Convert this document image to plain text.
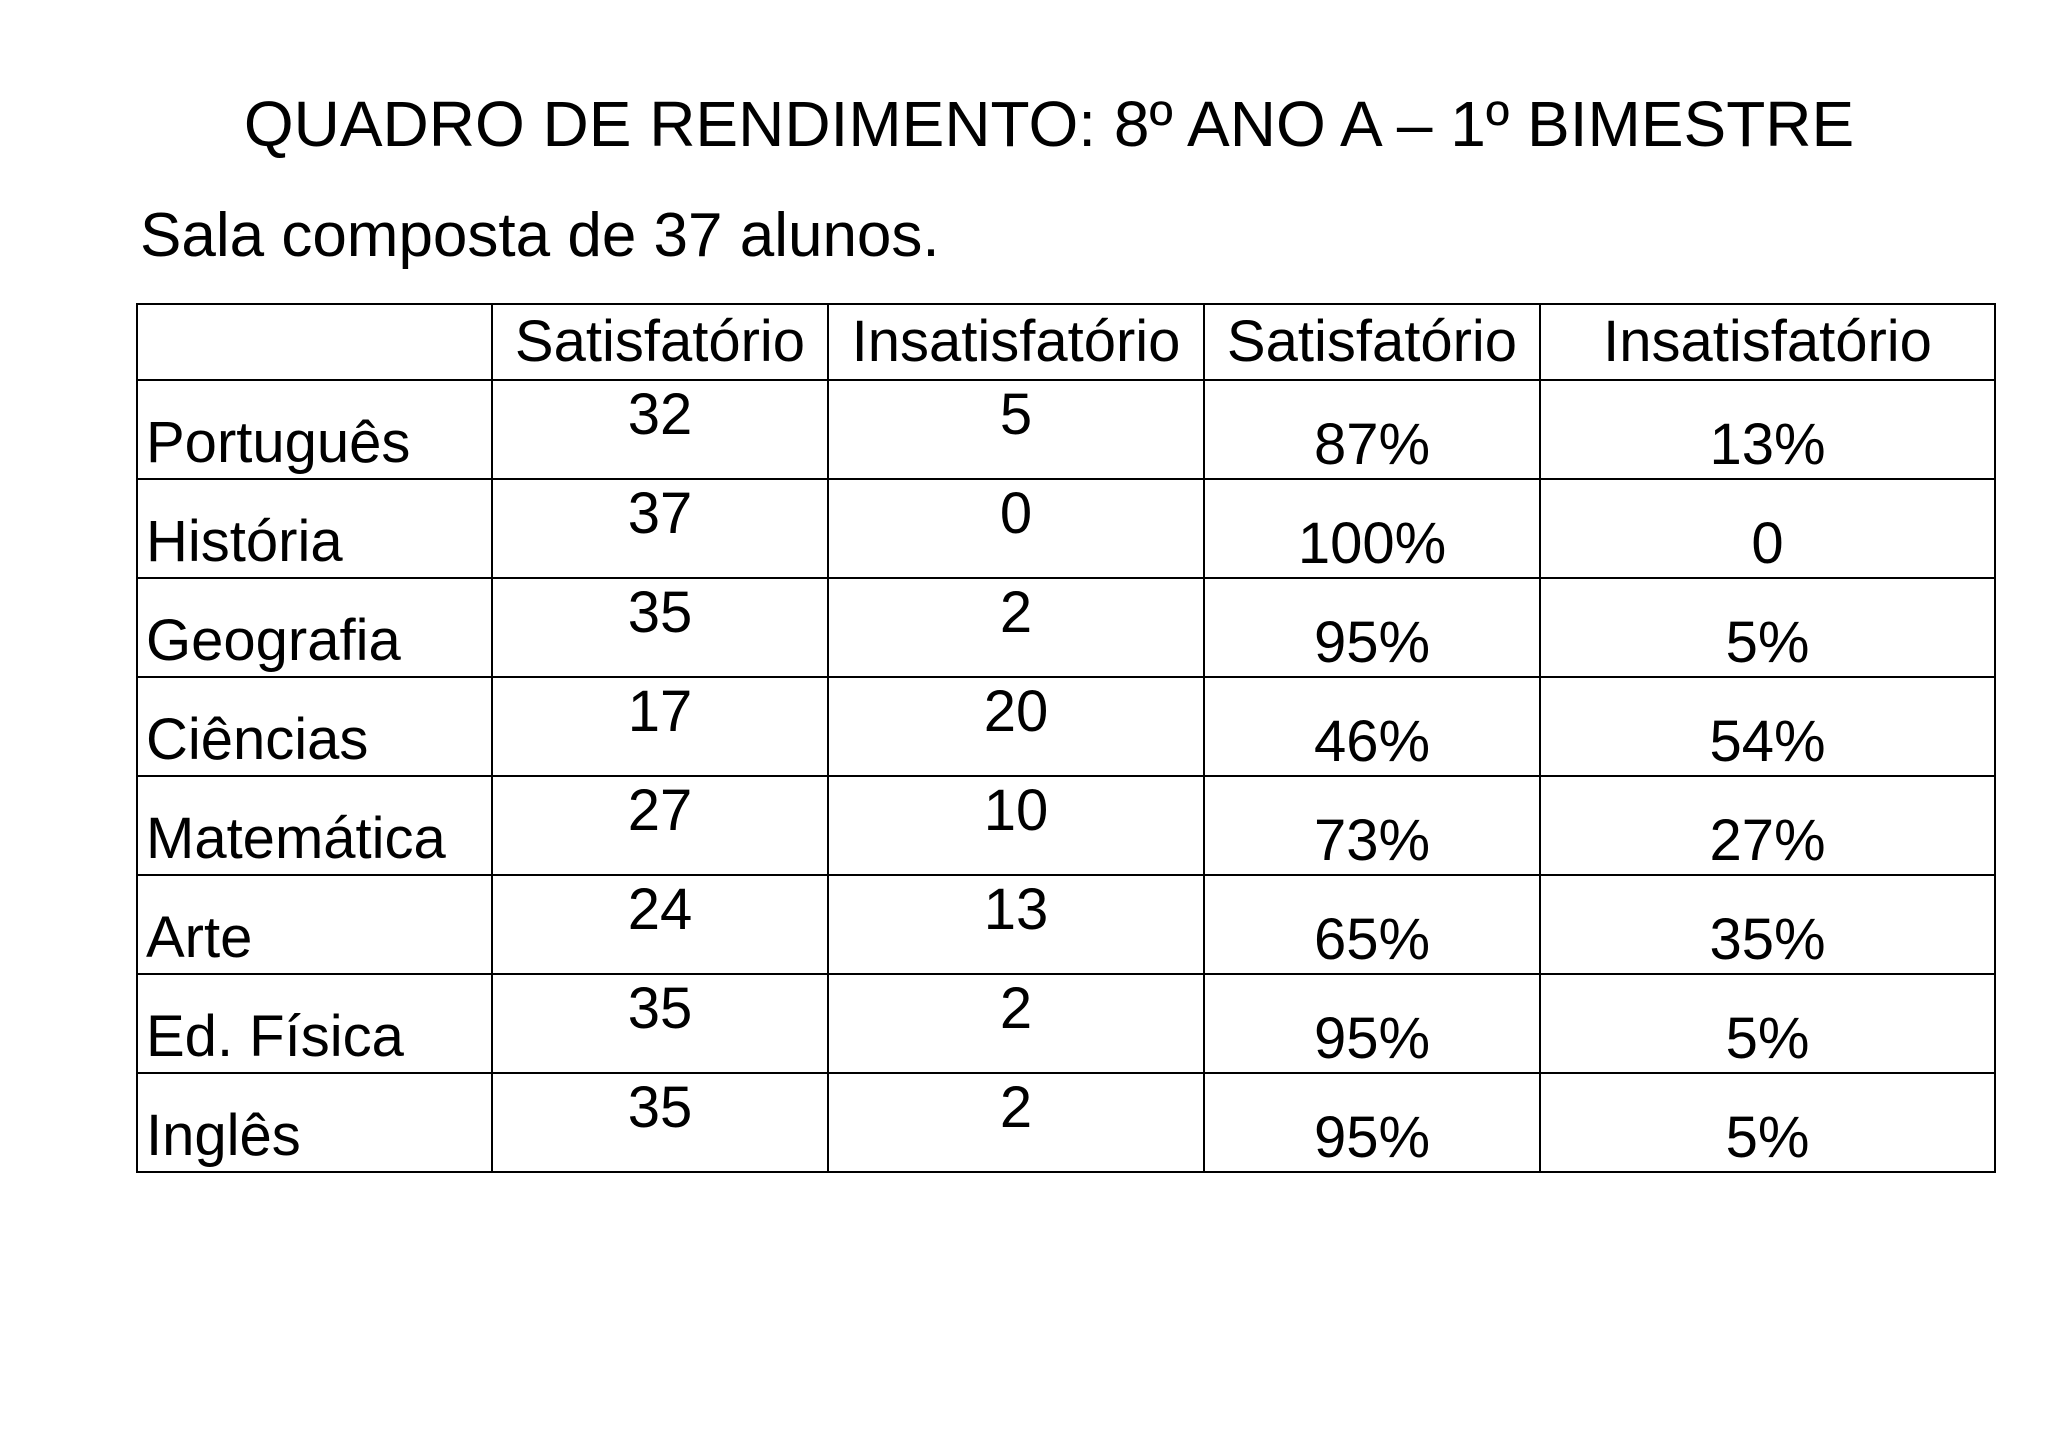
QUADRO DE RENDIMENTO: 8º ANO A – 1º BIMESTRE
Sala composta de 37 alunos.
	Satisfatório	Insatisfatório	Satisfatório	Insatisfatório

Português	32	5	87%	13%

História	37	0	100%	0

Geografia	35	2	95%	5%

Ciências	17	20	46%	54%

Matemática	27	10	73%	27%

Arte	24	13	65%	35%

Ed. Física	35	2	95%	5%

Inglês	35	2	95%	5%
